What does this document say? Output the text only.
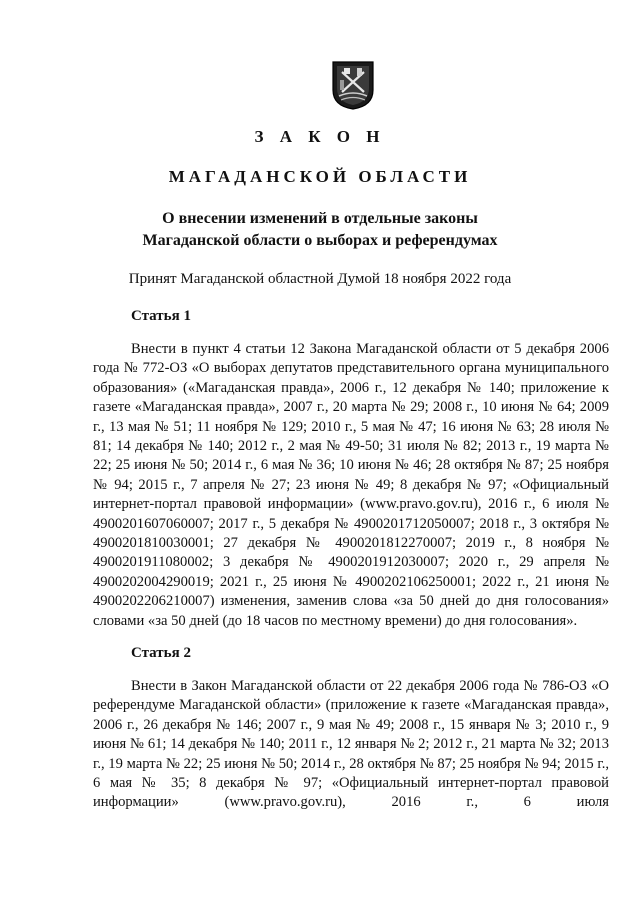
З А К О Н
МАГАДАНСКОЙ ОБЛАСТИ
О внесении изменений в отдельные законы
Магаданской области о выборах и референдумах
Принят Магаданской областной Думой 18 ноября 2022 года
Статья 1

Внести в пункт 4 статьи 12 Закона Магаданской области от 5 декабря 2006 года № 772-ОЗ «О выборах депутатов представительного органа муниципального образования» («Магаданская правда», 2006 г., 12 декабря № 140; приложение к газете «Магаданская правда», 2007 г., 20 марта № 29; 2008 г., 10 июня № 64; 2009 г., 13 мая № 51; 11 ноября № 129; 2010 г., 5 мая № 47; 16 июня № 63; 28 июля № 81; 14 декабря № 140; 2012 г., 2 мая № 49-50; 31 июля № 82; 2013 г., 19 марта № 22; 25 июня № 50; 2014 г., 6 мая № 36; 10 июня № 46; 28 октября № 87; 25 ноября № 94; 2015 г., 7 апреля № 27; 23 июня № 49; 8 декабря № 97; «Официальный интернет-портал правовой информации» (www.pravo.gov.ru), 2016 г., 6 июля № 4900201607060007; 2017 г., 5 декабря № 4900201712050007; 2018 г., 3 октября № 4900201810030001; 27 декабря № 4900201812270007; 2019 г., 8 ноября № 4900201911080002; 3 декабря № 4900201912030007; 2020 г., 29 апреля № 4900202004290019; 2021 г., 25 июня № 4900202106250001; 2022 г., 21 июня № 4900202206210007) изменения, заменив слова «за 50 дней до дня голосования» словами «за 50 дней (до 18 часов по местному времени) до дня голосования».

Статья 2

Внести в Закон Магаданской области от 22 декабря 2006 года № 786-ОЗ «О референдуме Магаданской области» (приложение к газете «Магаданская правда», 2006 г., 26 декабря № 146; 2007 г., 9 мая № 49; 2008 г., 15 января № 3; 2010 г., 9 июня № 61; 14 декабря № 140; 2011 г., 12 января № 2; 2012 г., 21 марта № 32; 2013 г., 19 марта № 22; 25 июня № 50; 2014 г., 28 октября № 87; 25 ноября № 94; 2015 г., 6 мая № 35; 8 декабря № 97; «Официальный интернет-портал правовой информации» (www.pravo.gov.ru), 2016 г., 6 июля
